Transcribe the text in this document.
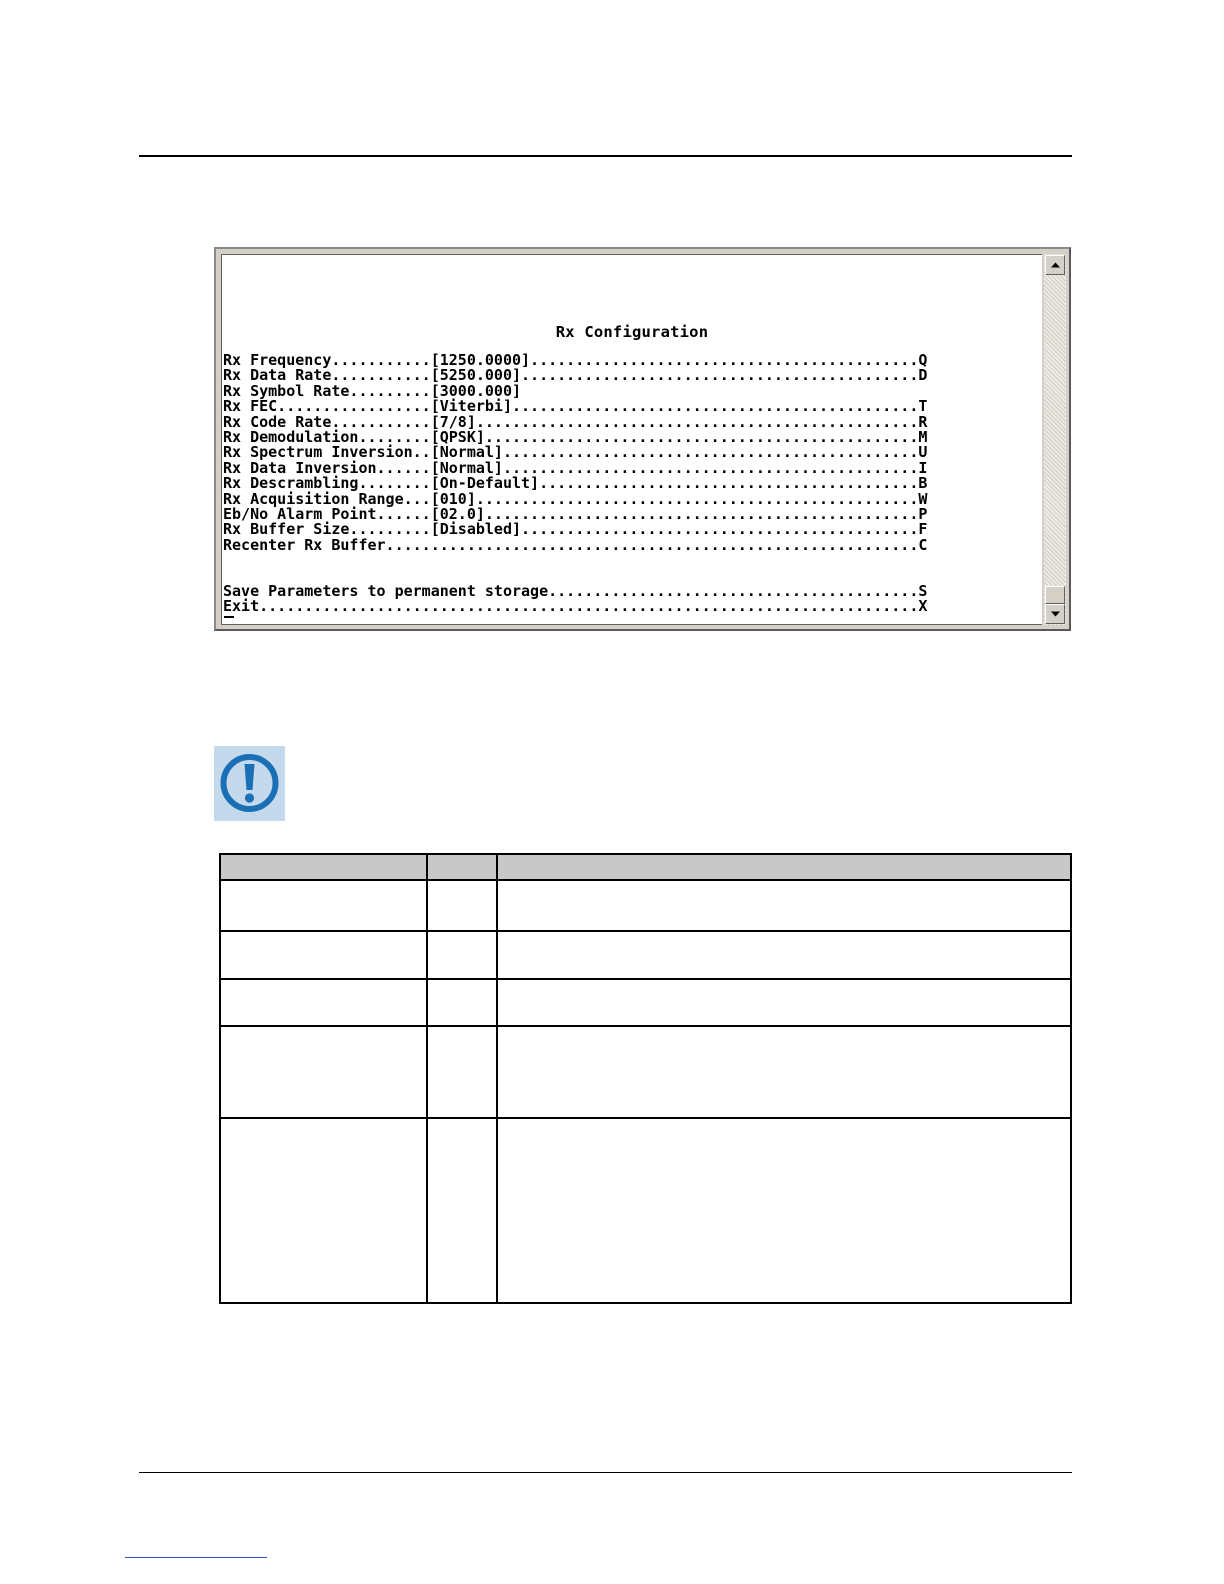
Rx Configuration
Rx Frequency...........[1250.0000]...........................................Q
Rx Data Rate...........[5250.000]............................................D
Rx Symbol Rate.........[3000.000]
Rx FEC.................[Viterbi].............................................T
Rx Code Rate...........[7/8].................................................R
Rx Demodulation........[QPSK]................................................M
Rx Spectrum Inversion..[Normal]..............................................U
Rx Data Inversion......[Normal]..............................................I
Rx Descrambling........[On-Default]..........................................B
Rx Acquisition Range...[010].................................................W
Eb/No Alarm Point......[02.0]................................................P
Rx Buffer Size.........[Disabled]............................................F
Recenter Rx Buffer...........................................................C
Save Parameters to permanent storage.........................................S
Exit.........................................................................X
